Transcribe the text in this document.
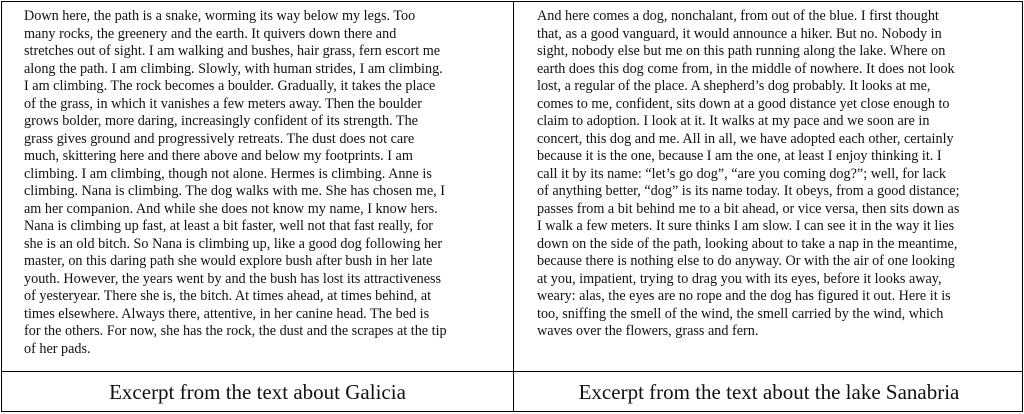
Down here, the path is a snake, worming its way below my legs. Too
many rocks, the greenery and the earth. It quivers down there and
stretches out of sight. I am walking and bushes, hair grass, fern escort me
along the path. I am climbing. Slowly, with human strides, I am climbing.
I am climbing. The rock becomes a boulder. Gradually, it takes the place
of the grass, in which it vanishes a few meters away. Then the boulder
grows bolder, more daring, increasingly confident of its strength. The
grass gives ground and progressively retreats. The dust does not care
much, skittering here and there above and below my footprints. I am
climbing. I am climbing, though not alone. Hermes is climbing. Anne is
climbing. Nana is climbing. The dog walks with me. She has chosen me, I
am her companion. And while she does not know my name, I know hers.
Nana is climbing up fast, at least a bit faster, well not that fast really, for
she is an old bitch. So Nana is climbing up, like a good dog following her
master, on this daring path she would explore bush after bush in her late
youth. However, the years went by and the bush has lost its attractiveness
of yesteryear. There she is, the bitch. At times ahead, at times behind, at
times elsewhere. Always there, attentive, in her canine head. The bed is
for the others. For now, she has the rock, the dust and the scrapes at the tip
of her pads.
And here comes a dog, nonchalant, from out of the blue. I first thought
that, as a good vanguard, it would announce a hiker. But no. Nobody in
sight, nobody else but me on this path running along the lake. Where on
earth does this dog come from, in the middle of nowhere. It does not look
lost, a regular of the place. A shepherd’s dog probably. It looks at me,
comes to me, confident, sits down at a good distance yet close enough to
claim to adoption. I look at it. It walks at my pace and we soon are in
concert, this dog and me. All in all, we have adopted each other, certainly
because it is the one, because I am the one, at least I enjoy thinking it. I
call it by its name: “let’s go dog”, “are you coming dog?”; well, for lack
of anything better, “dog” is its name today. It obeys, from a good distance;
passes from a bit behind me to a bit ahead, or vice versa, then sits down as
I walk a few meters. It sure thinks I am slow. I can see it in the way it lies
down on the side of the path, looking about to take a nap in the meantime,
because there is nothing else to do anyway. Or with the air of one looking
at you, impatient, trying to drag you with its eyes, before it looks away,
weary: alas, the eyes are no rope and the dog has figured it out. Here it is
too, sniffing the smell of the wind, the smell carried by the wind, which
waves over the flowers, grass and fern.
Excerpt from the text about Galicia	Excerpt from the text about the lake Sanabria
